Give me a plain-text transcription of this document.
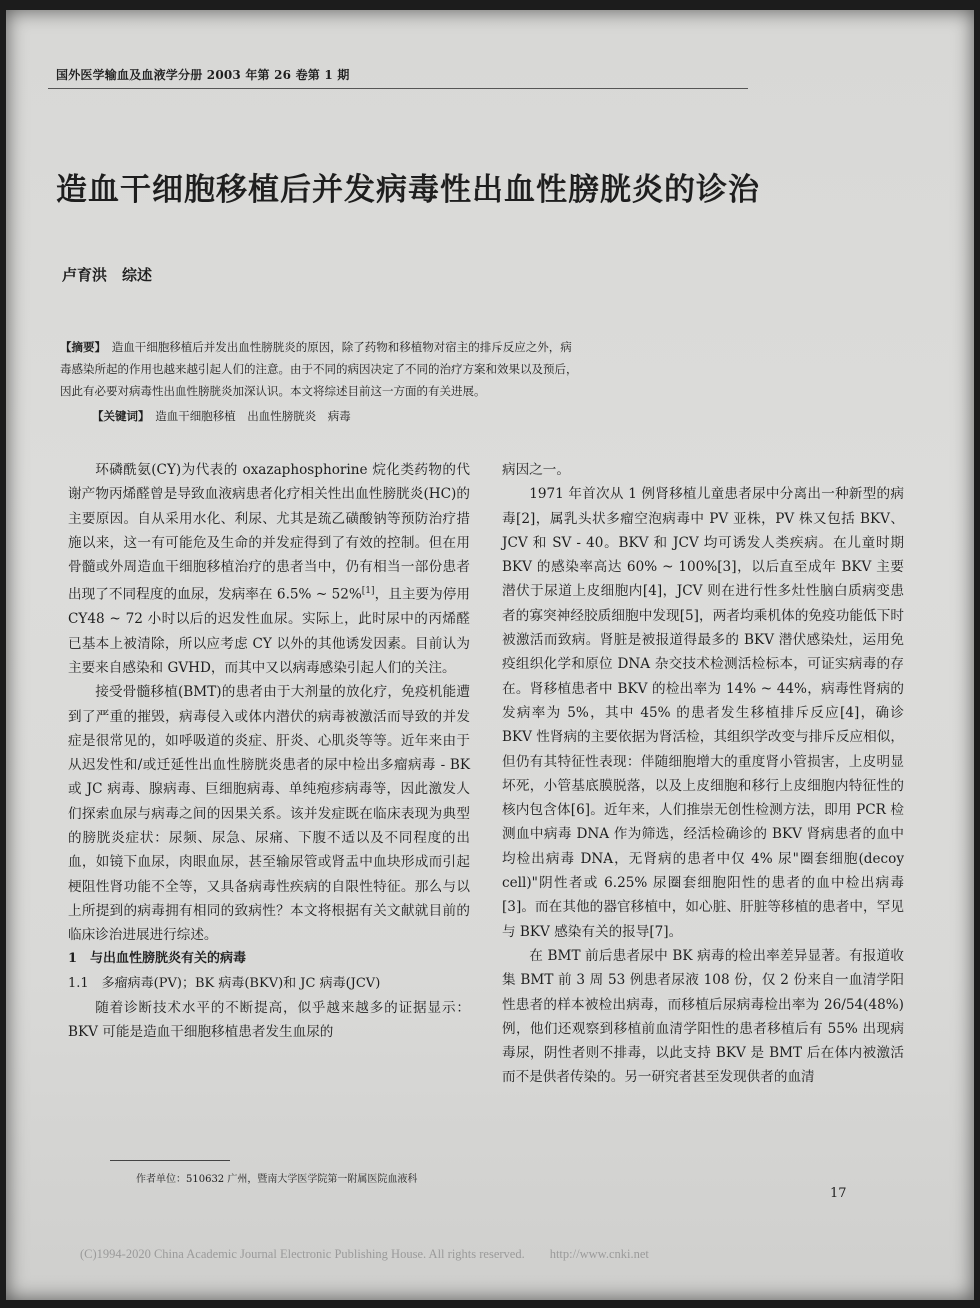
国外医学输血及血液学分册 2003 年第 26 卷第 1 期
造血干细胞移植后并发病毒性出血性膀胱炎的诊治
卢育洪　综述
【摘要】　 造血干细胞移植后并发出血性膀胱炎的原因，除了药物和移植物对宿主的排斥反应之外，病
毒感染所起的作用也越来越引起人们的注意。由于不同的病因决定了不同的治疗方案和效果以及预后，
因此有必要对病毒性出血性膀胱炎加深认识。本文将综述目前这一方面的有关进展。
【关键词】　 造血干细胞移植　出血性膀胱炎　病毒

环磷酰氨(CY)为代表的 oxazaphosphorine 烷化类药物的代谢产物丙烯醛曾是导致血液病患者化疗相关性出血性膀胱炎(HC)的主要原因。自从采用水化、利尿、尤其是巯乙磺酸钠等预防治疗措施以来，这一有可能危及生命的并发症得到了有效的控制。但在用骨髓或外周造血干细胞移植治疗的患者当中，仍有相当一部份患者出现了不同程度的血尿，发病率在 6.5% ~ 52%[1]，且主要为停用 CY48 ~ 72 小时以后的迟发性血尿。实际上，此时尿中的丙烯醛已基本上被清除，所以应考虑 CY 以外的其他诱发因素。目前认为主要来自感染和 GVHD，而其中又以病毒感染引起人们的关注。

接受骨髓移植(BMT)的患者由于大剂量的放化疗，免疫机能遭到了严重的摧毁，病毒侵入或体内潜伏的病毒被激活而导致的并发症是很常见的，如呼吸道的炎症、肝炎、心肌炎等等。近年来由于从迟发性和/或迁延性出血性膀胱炎患者的尿中检出多瘤病毒 - BK 或 JC 病毒、腺病毒、巨细胞病毒、单纯疱疹病毒等，因此激发人们探索血尿与病毒之间的因果关系。该并发症既在临床表现为典型的膀胱炎症状：尿频、尿急、尿痛、下腹不适以及不同程度的出血，如镜下血尿，肉眼血尿，甚至输尿管或肾盂中血块形成而引起梗阻性肾功能不全等，又具备病毒性疾病的自限性特征。那么与以上所提到的病毒拥有相同的致病性？本文将根据有关文献就目前的临床诊治进展进行综述。

1　与出血性膀胱炎有关的病毒

1.1　多瘤病毒(PV)；BK 病毒(BKV)和 JC 病毒(JCV)

随着诊断技术水平的不断提高，似乎越来越多的证据显示：BKV 可能是造血干细胞移植患者发生血尿的

病因之一。

1971 年首次从 1 例肾移植儿童患者尿中分离出一种新型的病毒[2]，属乳头状多瘤空泡病毒中 PV 亚株，PV 株又包括 BKV、JCV 和 SV - 40。BKV 和 JCV 均可诱发人类疾病。在儿童时期 BKV 的感染率高达 60% ~ 100%[3]，以后直至成年 BKV 主要潜伏于尿道上皮细胞内[4]，JCV 则在进行性多灶性脑白质病变患者的寡突神经胶质细胞中发现[5]，两者均乘机体的免疫功能低下时被激活而致病。肾脏是被报道得最多的 BKV 潜伏感染灶，运用免疫组织化学和原位 DNA 杂交技术检测活检标本，可证实病毒的存在。肾移植患者中 BKV 的检出率为 14% ~ 44%，病毒性肾病的发病率为 5%，其中 45% 的患者发生移植排斥反应[4]，确诊 BKV 性肾病的主要依据为肾活检，其组织学改变与排斥反应相似，但仍有其特征性表现：伴随细胞增大的重度肾小管损害，上皮明显坏死，小管基底膜脱落，以及上皮细胞和移行上皮细胞内特征性的核内包含体[6]。近年来，人们推崇无创性检测方法，即用 PCR 检测血中病毒 DNA 作为筛选，经活检确诊的 BKV 肾病患者的血中均检出病毒 DNA，无肾病的患者中仅 4% 尿"圈套细胞(decoy cell)"阴性者或 6.25% 尿圈套细胞阳性的患者的血中检出病毒[3]。而在其他的器官移植中，如心脏、肝脏等移植的患者中，罕见与 BKV 感染有关的报导[7]。

在 BMT 前后患者尿中 BK 病毒的检出率差异显著。有报道收集 BMT 前 3 周 53 例患者尿液 108 份，仅 2 份来自一血清学阳性患者的样本被检出病毒，而移植后尿病毒检出率为 26/54(48%)例，他们还观察到移植前血清学阳性的患者移植后有 55% 出现病毒尿，阴性者则不排毒，以此支持 BKV 是 BMT 后在体内被激活而不是供者传染的。另一研究者甚至发现供者的血清

作者单位：510632 广州，暨南大学医学院第一附属医院血液科
17
(C)1994-2020 China Academic Journal Electronic Publishing House. All rights reserved.　　http://www.cnki.net
